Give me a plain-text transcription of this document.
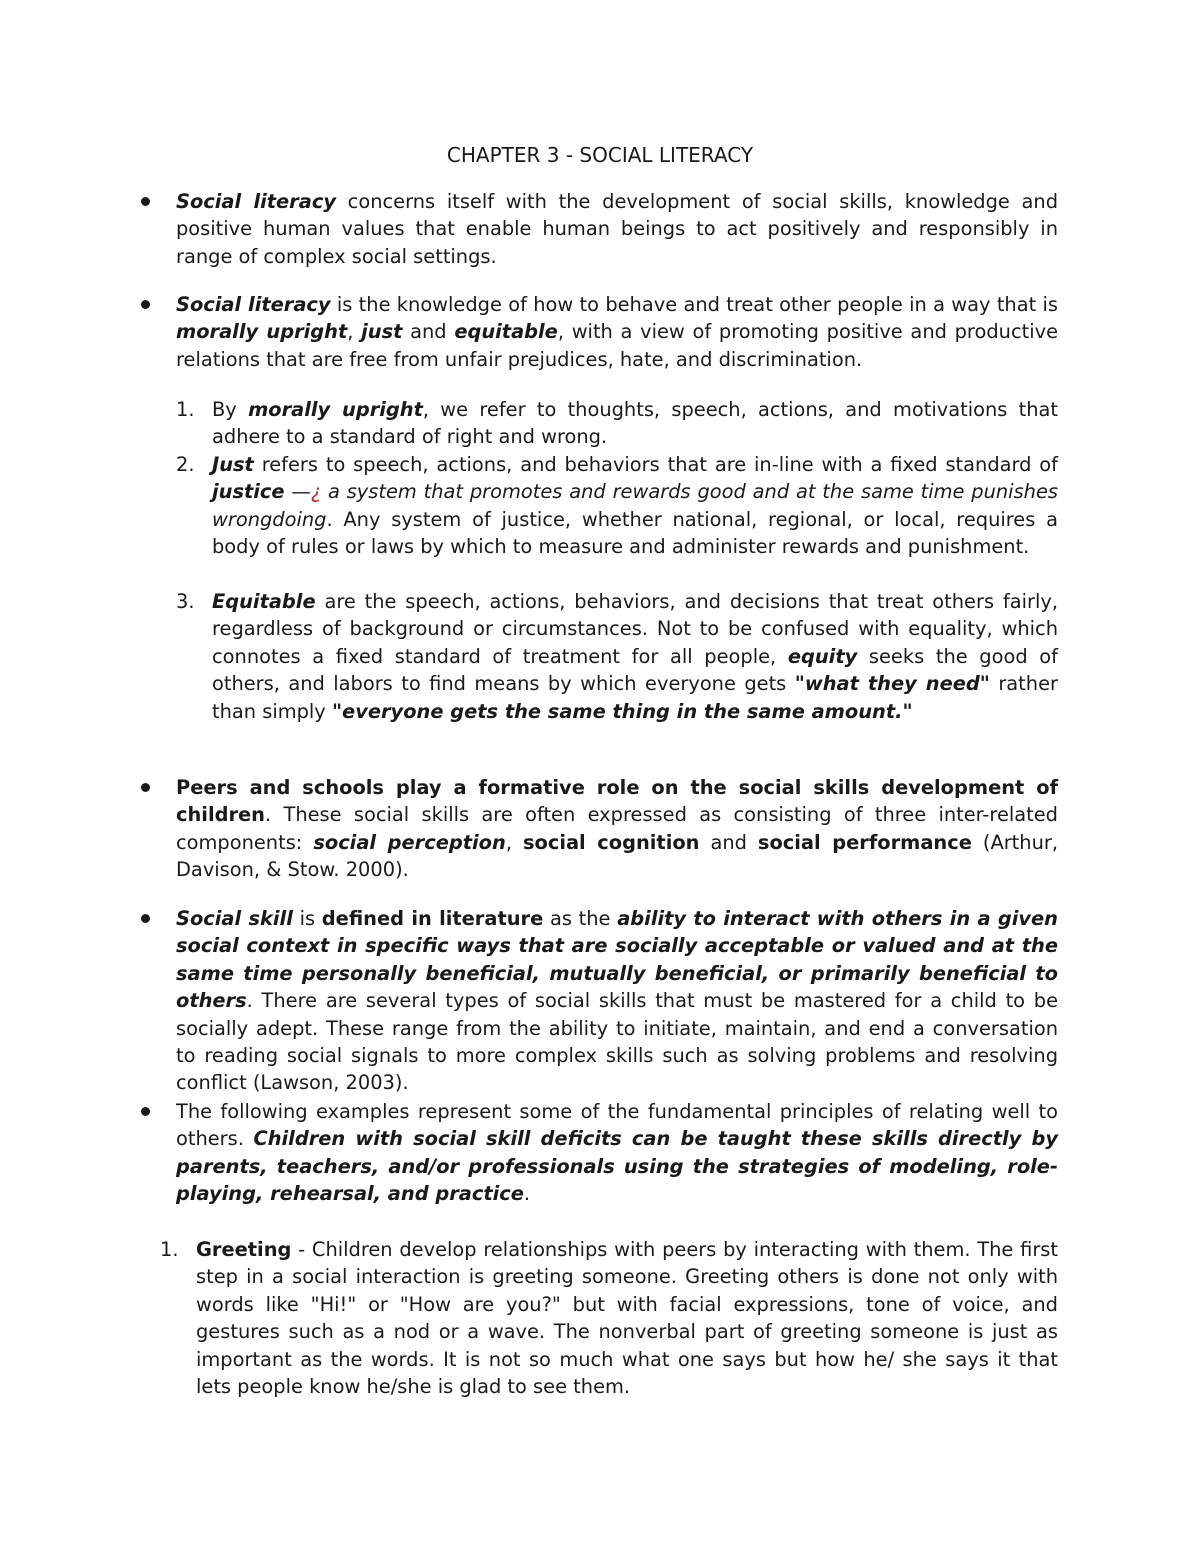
CHAPTER 3 - SOCIAL LITERACY

Social literacy concerns itself with the development of social skills, knowledge and positive human values that enable human beings to act positively and responsibly in range of complex social settings.

Social literacy is the knowledge of how to behave and treat other people in a way that is morally upright, just and equitable, with a view of promoting positive and productive relations that are free from unfair prejudices, hate, and discrimination.

1. By morally upright, we refer to thoughts, speech, actions, and motivations that adhere to a standard of right and wrong.

2. Just refers to speech, actions, and behaviors that are in-line with a fixed standard of justice —¿ a system that promotes and rewards good and at the same time punishes wrongdoing. Any system of justice, whether national, regional, or local, requires a body of rules or laws by which to measure and administer rewards and punishment.

3. Equitable are the speech, actions, behaviors, and decisions that treat others fairly, regardless of background or circumstances. Not to be confused with equality, which connotes a fixed standard of treatment for all people, equity seeks the good of others, and labors to find means by which everyone gets "what they need" rather than simply "everyone gets the same thing in the same amount."

Peers and schools play a formative role on the social skills development of children. These social skills are often expressed as consisting of three inter-related components: social perception, social cognition and social performance (Arthur, Davison, & Stow. 2000).

Social skill is defined in literature as the ability to interact with others in a given social context in specific ways that are socially acceptable or valued and at the same time personally beneficial, mutually beneficial, or primarily beneficial to others. There are several types of social skills that must be mastered for a child to be socially adept. These range from the ability to initiate, maintain, and end a conversation to reading social signals to more complex skills such as solving problems and resolving conflict (Lawson, 2003).

The following examples represent some of the fundamental principles of relating well to others. Children with social skill deficits can be taught these skills directly by parents, teachers, and/or professionals using the strategies of modeling, role-playing, rehearsal, and practice.

1. Greeting - Children develop relationships with peers by interacting with them. The first step in a social interaction is greeting someone. Greeting others is done not only with words like "Hi!" or "How are you?" but with facial expressions, tone of voice, and gestures such as a nod or a wave. The nonverbal part of greeting someone is just as important as the words. It is not so much what one says but how he/ she says it that lets people know he/she is glad to see them.
